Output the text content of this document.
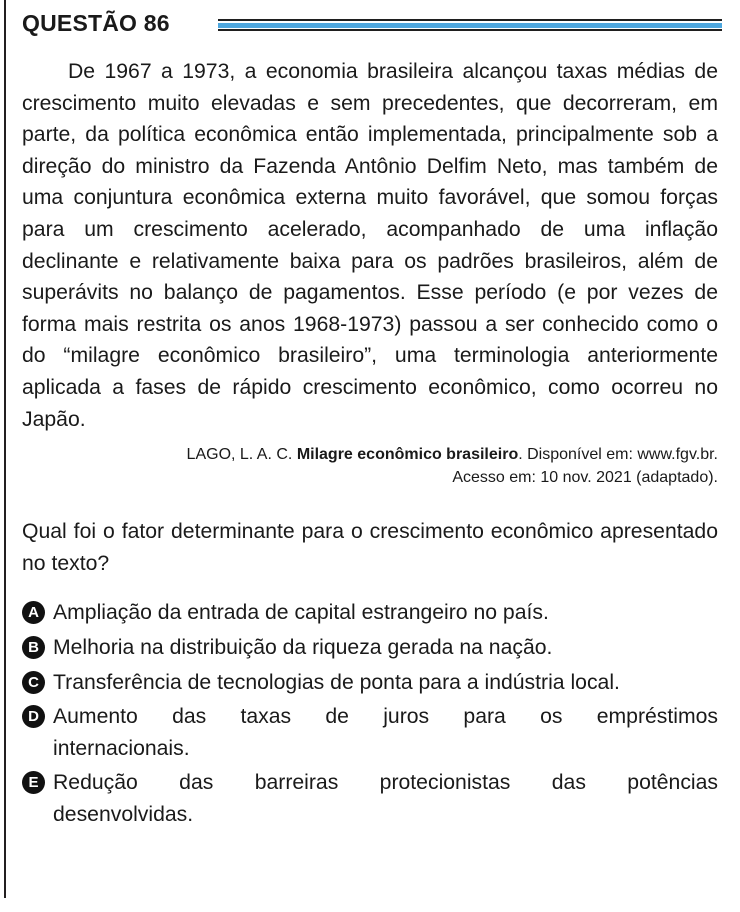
QUESTÃO 86

De 1967 a 1973, a economia brasileira alcançou taxas médias de crescimento muito elevadas e sem precedentes, que decorreram, em parte, da política econômica então implementada, principalmente sob a direção do ministro da Fazenda Antônio Delfim Neto, mas também de uma conjuntura econômica externa muito favorável, que somou forças para um crescimento acelerado, acompanhado de uma inflação declinante e relativamente baixa para os padrões brasileiros, além de superávits no balanço de pagamentos. Esse período (e por vezes de forma mais restrita os anos 1968-1973) passou a ser conhecido como o do “milagre econômico brasileiro”, uma terminologia anteriormente aplicada a fases de rápido crescimento econômico, como ocorreu no Japão.

LAGO, L. A. C. Milagre econômico brasileiro. Disponível em: www.fgv.br.
Acesso em: 10 nov. 2021 (adaptado).

Qual foi o fator determinante para o crescimento econômico apresentado no texto?

A Ampliação da entrada de capital estrangeiro no país.
B Melhoria na distribuição da riqueza gerada na nação.
C Transferência de tecnologias de ponta para a indústria local.
D Aumento das taxas de juros para os empréstimos
internacionais.
E Redução das barreiras protecionistas das potências
desenvolvidas.
